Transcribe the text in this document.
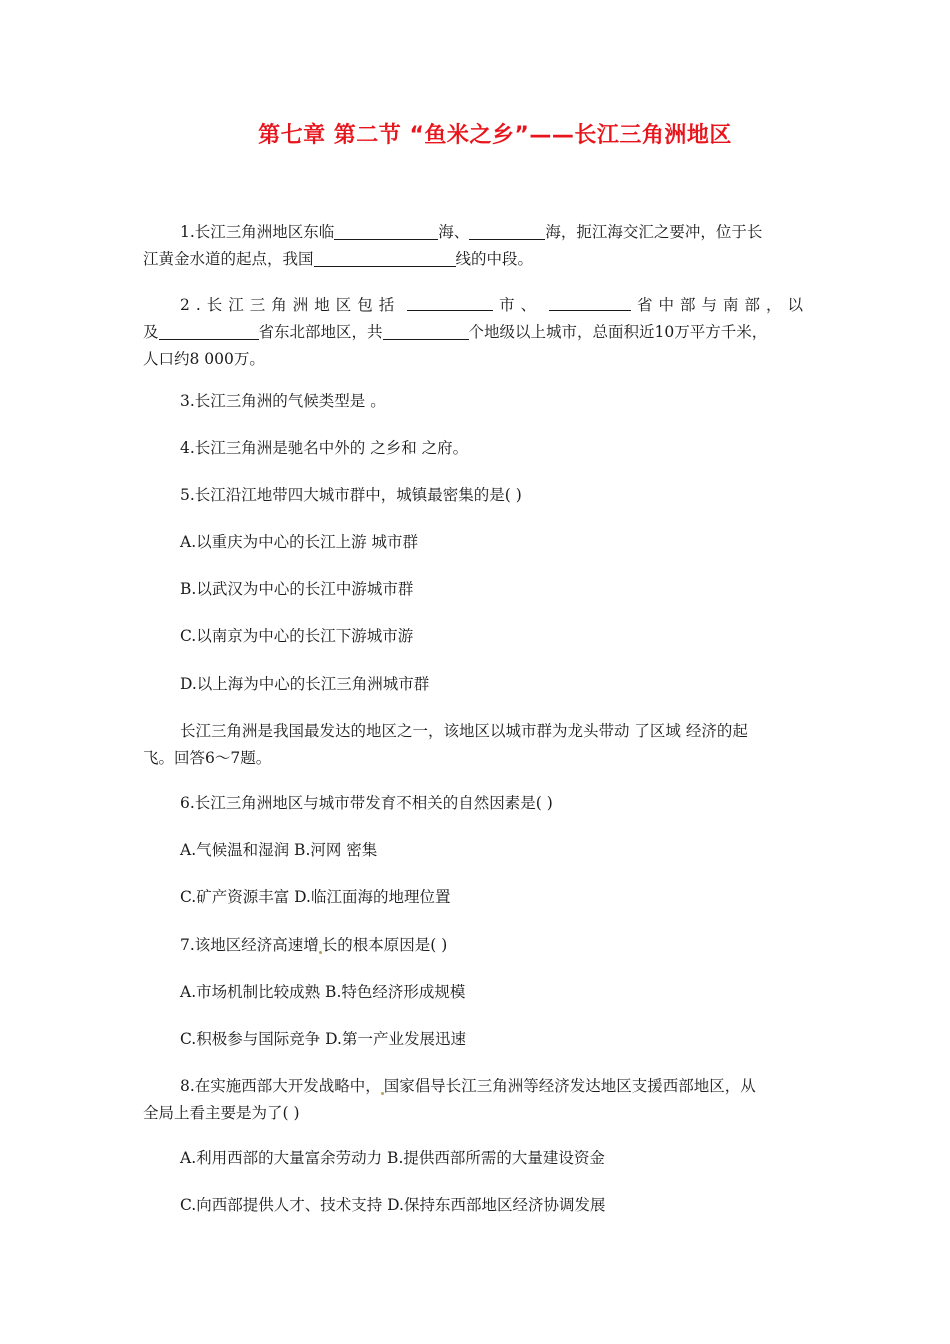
第七章 第二节 “鱼米之乡”——长江三角洲地区
1.长江三角洲地区东临	海、	海，扼江海交汇之要冲，位于长
江黄金水道的起点，我国	线的中段。
2.长江三角洲地区包括	市、	省中部与南部，以
及	省东北部地区，共	个地级以上城市，总面积近10万平方千米，
人口约8 000万。
3.长江三角洲的气候类型是 。
4.长江三角洲是驰名中外的 之乡和 之府。
5.长江沿江地带四大城市群中，城镇最密集的是( )
A.以重庆为中心的长江上游 城市群
B.以武汉为中心的长江中游城市群
C.以南京为中心的长江下游城市游
D.以上海为中心的长江三角洲城市群
长江三角洲是我国最发达的地区之一，该地区以城市群为龙头带动 了区域 经济的起
飞。回答6～7题。
6.长江三角洲地区与城市带发育不相关的自然因素是( )
A.气候温和湿润 B.河网 密集
C.矿产资源丰富 D.临江面海的地理位置
7.该地区经济高速增 长的根本原因是( )
A.市场机制比较成熟 B.特色经济形成规模
C.积极参与国际竞争 D.第一产业发展迅速
8.在实施西部大开发战略中， 国家倡导长江三角洲等经济发达地区支援西部地区，从
全局上看主要是为了( )
A.利用西部的大量富余劳动力 B.提供西部所需的大量建设资金
C.向西部提供人才、技术支持 D.保持东西部地区经济协调发展
